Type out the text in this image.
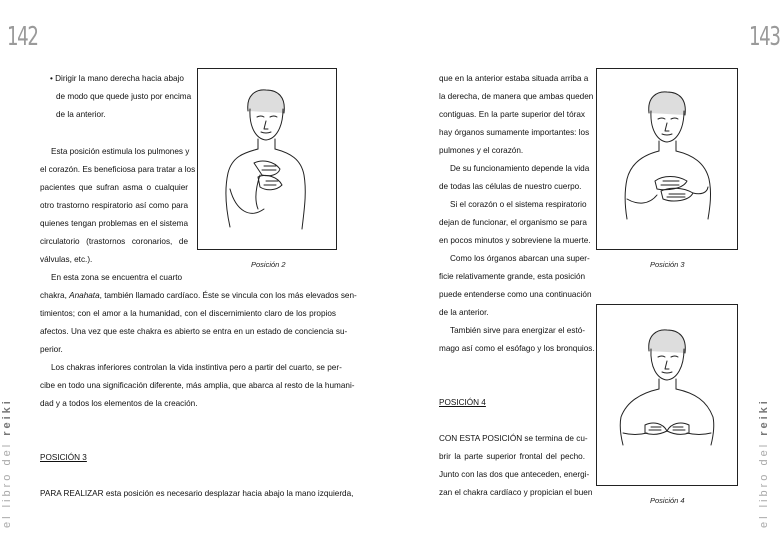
142	143
el libro del reiki
el libro del reiki
• Dirigir la mano derecha hacia abajo
de modo que quede justo por encima
de la anterior.
Esta posición estimula los pulmones y
el corazón. Es beneficiosa para tratar a los
pacientes que sufran asma o cualquier
otro trastorno respiratorio así como para
quienes tengan problemas en el sistema
circulatorio (trastornos coronarios, de
válvulas, etc.).
En esta zona se encuentra el cuarto
chakra, Anahata, también llamado cardíaco. Éste se vincula con los más elevados sen-
timientos; con el amor a la humanidad, con el discernimiento claro de los propios
afectos. Una vez que este chakra es abierto se entra en un estado de conciencia su-
perior.
Los chakras inferiores controlan la vida instintiva pero a partir del cuarto, se per-
cibe en todo una significación diferente, más amplia, que abarca al resto de la humani-
dad y a todos los elementos de la creación.
POSICIÓN 3
PARA REALIZAR esta posición es necesario desplazar hacia abajo la mano izquierda,
Posición 2
que en la anterior estaba situada arriba a
la derecha, de manera que ambas queden
contiguas. En la parte superior del tórax
hay órganos sumamente importantes: los
pulmones y el corazón.
De su funcionamiento depende la vida
de todas las células de nuestro cuerpo.
Si el corazón o el sistema respiratorio
dejan de funcionar, el organismo se para
en pocos minutos y sobreviene la muerte.
Como los órganos abarcan una super-
ficie relativamente grande, esta posición
puede entenderse como una continuación
de la anterior.
También sirve para energizar el estó-
mago así como el esófago y los bronquios.
POSICIÓN 4
CON ESTA POSICIÓN se termina de cu-
brir la parte superior frontal del pecho.
Junto con las dos que anteceden, energi-
zan el chakra cardíaco y propician el buen
Posición 3
Posición 4
